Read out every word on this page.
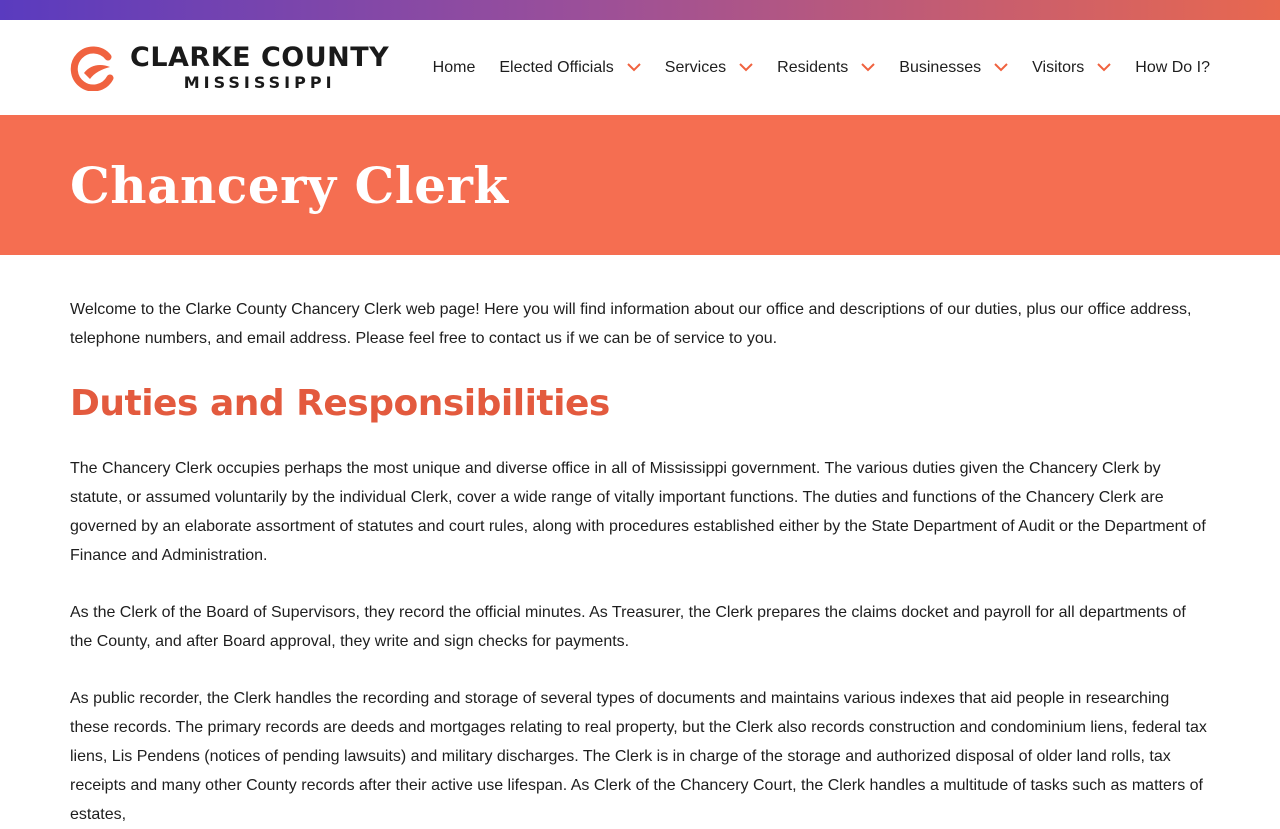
CLARKE COUNTY
MISSISSIPPI
Home Elected Officials	Services	Residents	Businesses	Visitors	How Do I?
Chancery Clerk

Welcome to the Clarke County Chancery Clerk web page! Here you will find information about our office and descriptions of our duties, plus our office address, telephone numbers, and email address. Please feel free to contact us if we can be of service to you.

Duties and Responsibilities

The Chancery Clerk occupies perhaps the most unique and diverse office in all of Mississippi government. The various duties given the Chancery Clerk by statute, or assumed voluntarily by the individual Clerk, cover a wide range of vitally important functions. The duties and functions of the Chancery Clerk are governed by an elaborate assortment of statutes and court rules, along with procedures established either by the State Department of Audit or the Department of Finance and Administration.

As the Clerk of the Board of Supervisors, they record the official minutes. As Treasurer, the Clerk prepares the claims docket and payroll for all departments of the County, and after Board approval, they write and sign checks for payments.

As public recorder, the Clerk handles the recording and storage of several types of documents and maintains various indexes that aid people in researching these records. The primary records are deeds and mortgages relating to real property, but the Clerk also records construction and condominium liens, federal tax liens, Lis Pendens (notices of pending lawsuits) and military discharges. The Clerk is in charge of the storage and authorized disposal of older land rolls, tax receipts and many other County records after their active use lifespan. As Clerk of the Chancery Court, the Clerk handles a multitude of tasks such as matters of estates,
